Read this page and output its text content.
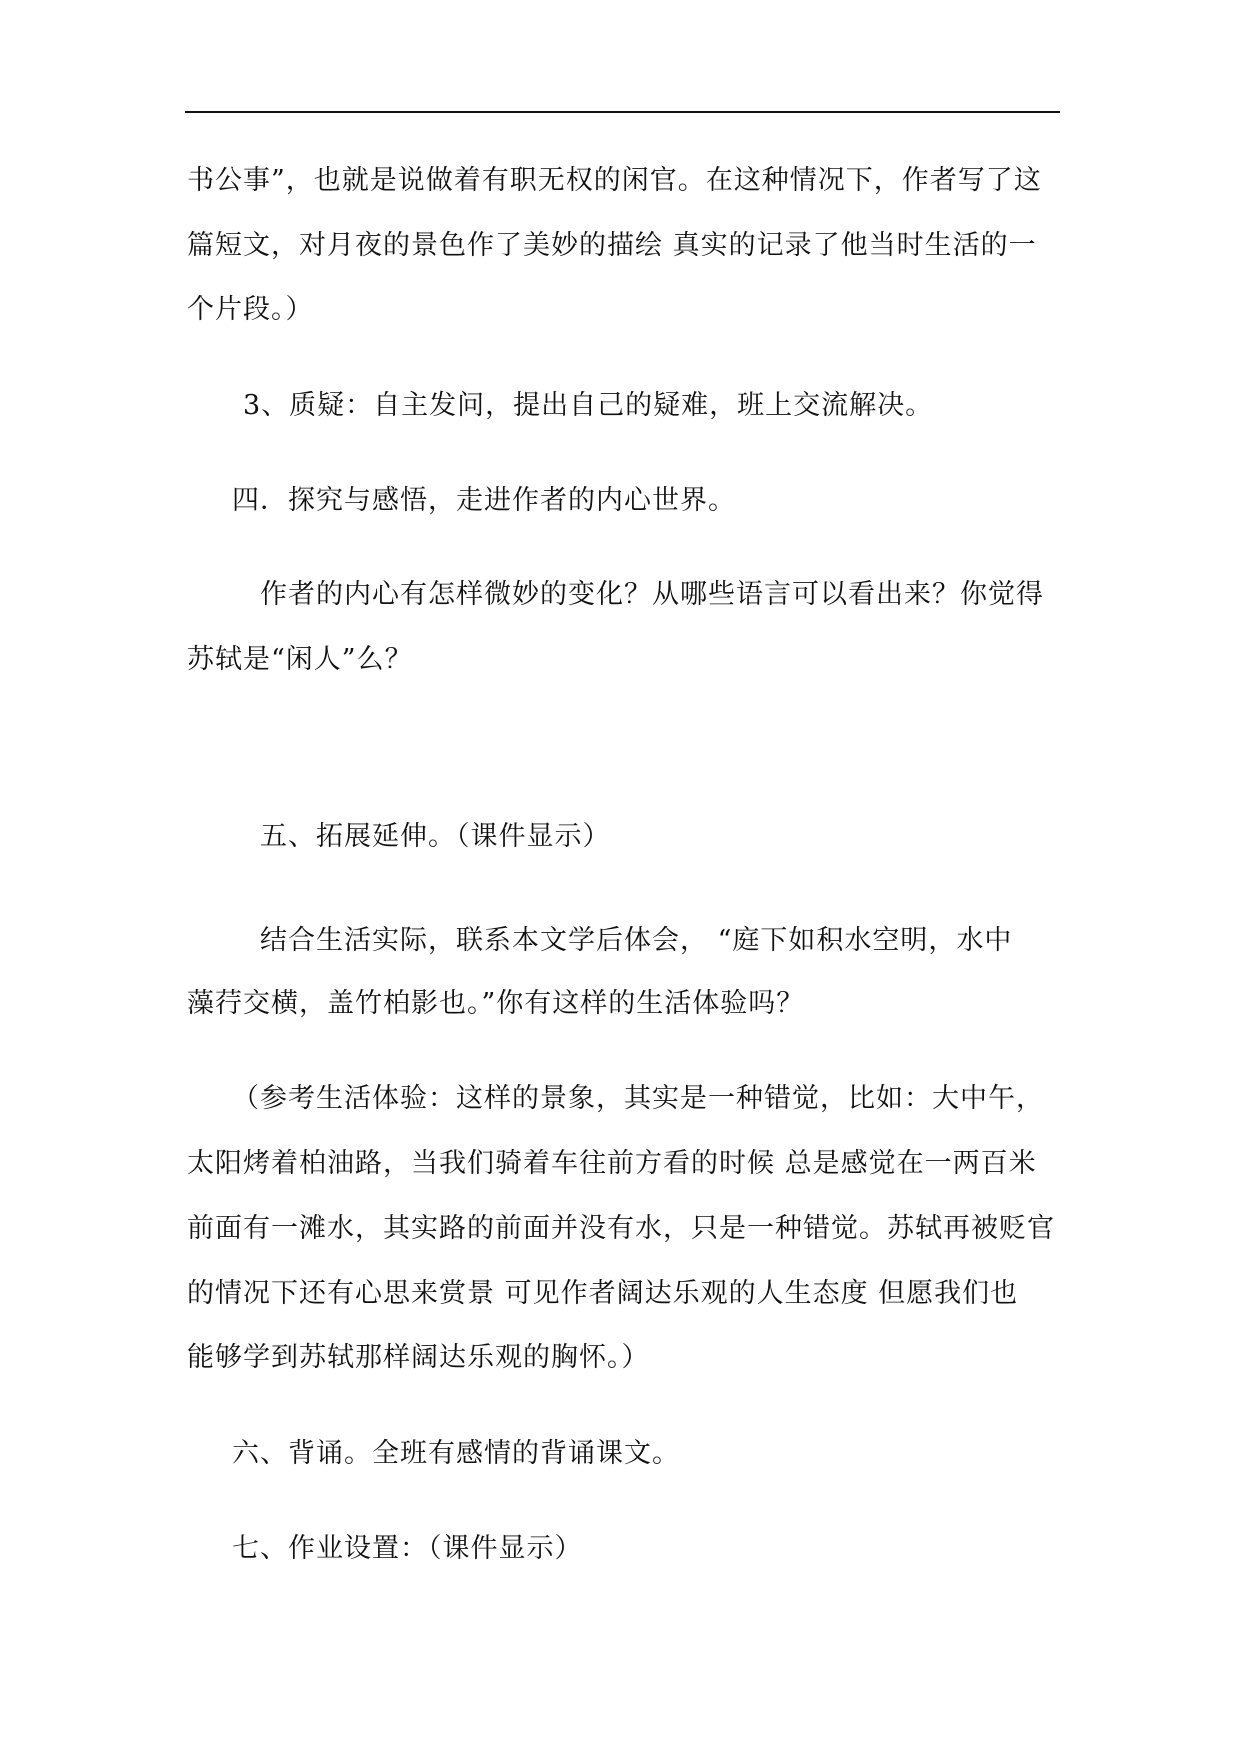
书公事”，也就是说做着有职无权的闲官。在这种情况下，作者写了这
篇短文，对月夜的景色作了美妙的描绘 真实的记录了他当时生活的一
个片段。）
3、质疑：自主发问，提出自己的疑难，班上交流解决。
四．探究与感悟，走进作者的内心世界。
作者的内心有怎样微妙的变化？从哪些语言可以看出来？你觉得
苏轼是“闲人”么？
五、拓展延伸。（课件显示）
结合生活实际，联系本文学后体会， “庭下如积水空明，水中
藻荇交横，盖竹柏影也。”你有这样的生活体验吗？
（参考生活体验：这样的景象，其实是一种错觉，比如：大中午，
太阳烤着柏油路，当我们骑着车往前方看的时候 总是感觉在一两百米
前面有一滩水，其实路的前面并没有水，只是一种错觉。苏轼再被贬官
的情况下还有心思来赏景 可见作者阔达乐观的人生态度 但愿我们也
能够学到苏轼那样阔达乐观的胸怀。）
六、背诵。全班有感情的背诵课文。
七、作业设置：（课件显示）
